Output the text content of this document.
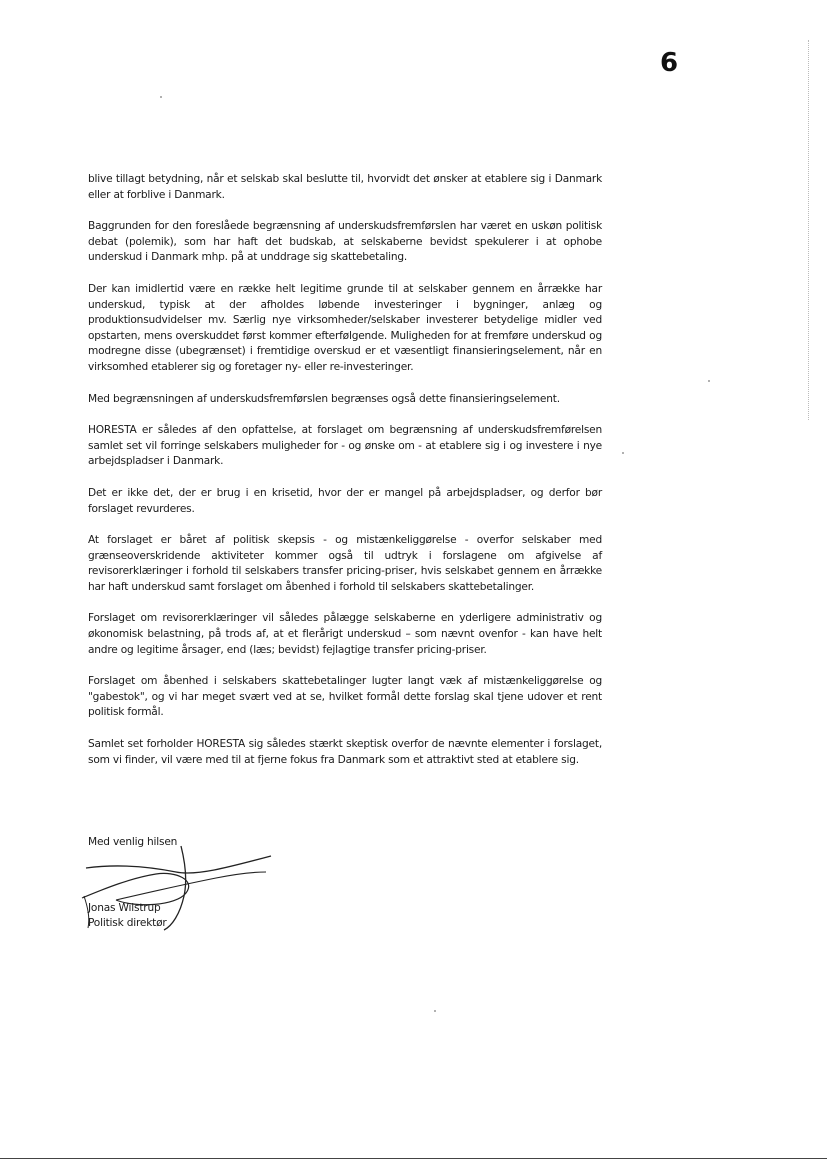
6

blive tillagt betydning, når et selskab skal beslutte til, hvorvidt det ønsker at etablere sig i Danmark eller at forblive i Danmark.

Baggrunden for den foreslåede begrænsning af underskudsfremførslen har været en uskøn politisk debat (polemik), som har haft det budskab, at selskaberne bevidst spekulerer i at ophobe underskud i Danmark mhp. på at unddrage sig skattebetaling.

Der kan imidlertid være en række helt legitime grunde til at selskaber gennem en årrække har underskud, typisk at der afholdes løbende investeringer i bygninger, anlæg og produktionsudvidelser mv. Særlig nye virksomheder/selskaber investerer betydelige midler ved opstarten, mens overskuddet først kommer efterfølgende. Muligheden for at fremføre underskud og modregne disse (ubegrænset) i fremtidige overskud er et væsentligt finansieringselement, når en virksomhed etablerer sig og foretager ny- eller re-investeringer.

Med begrænsningen af underskudsfremførslen begrænses også dette finansieringselement.

HORESTA er således af den opfattelse, at forslaget om begrænsning af underskudsfremførelsen samlet set vil forringe selskabers muligheder for - og ønske om - at etablere sig i og investere i nye arbejdspladser i Danmark.

Det er ikke det, der er brug i en krisetid, hvor der er mangel på arbejdspladser, og derfor bør forslaget revurderes.

At forslaget er båret af politisk skepsis - og mistænkeliggørelse - overfor selskaber med grænseoverskridende aktiviteter kommer også til udtryk i forslagene om afgivelse af revisorerklæringer i forhold til selskabers transfer pricing-priser, hvis selskabet gennem en årrække har haft underskud samt forslaget om åbenhed i forhold til selskabers skattebetalinger.

Forslaget om revisorerklæringer vil således pålægge selskaberne en yderligere administrativ og økonomisk belastning, på trods af, at et flerårigt underskud – som nævnt ovenfor - kan have helt andre og legitime årsager, end (læs; bevidst) fejlagtige transfer pricing-priser.

Forslaget om åbenhed i selskabers skattebetalinger lugter langt væk af mistænkeliggørelse og "gabestok", og vi har meget svært ved at se, hvilket formål dette forslag skal tjene udover et rent politisk formål.

Samlet set forholder HORESTA sig således stærkt skeptisk overfor de nævnte elementer i forslaget, som vi finder, vil være med til at fjerne fokus fra Danmark som et attraktivt sted at etablere sig.

Med venlig hilsen
Jonas Wilstrup
Politisk direktør
